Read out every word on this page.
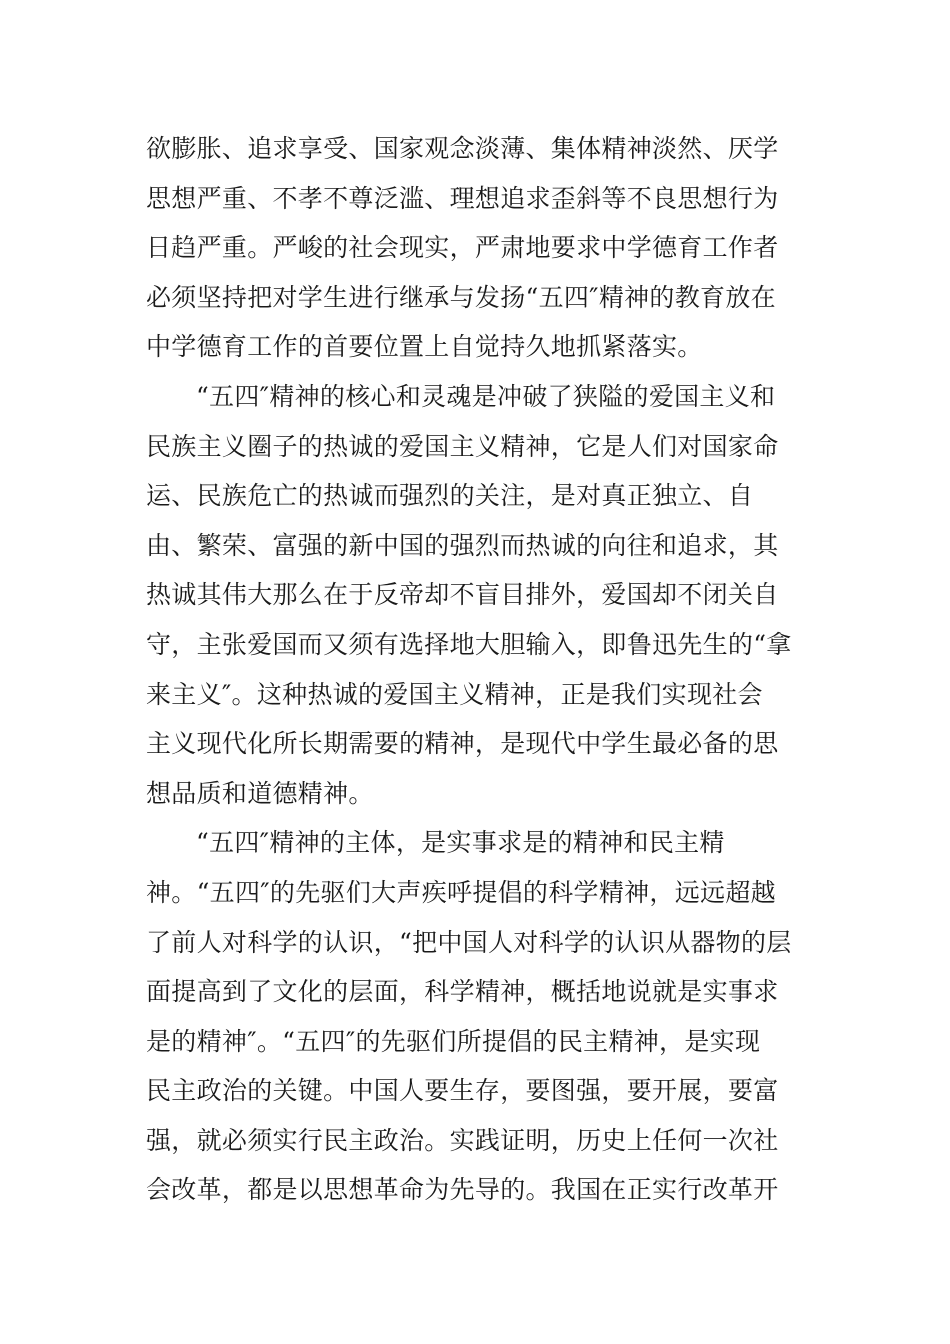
欲膨胀、追求享受、国家观念淡薄、集体精神淡然、厌学
思想严重、不孝不尊泛滥、理想追求歪斜等不良思想行为
日趋严重。严峻的社会现实，严肃地要求中学德育工作者
必须坚持把对学生进行继承与发扬“五四″精神的教育放在
中学德育工作的首要位置上自觉持久地抓紧落实。
“五四″精神的核心和灵魂是冲破了狭隘的爱国主义和
民族主义圈子的热诚的爱国主义精神，它是人们对国家命
运、民族危亡的热诚而强烈的关注，是对真正独立、自
由、繁荣、富强的新中国的强烈而热诚的向往和追求，其
热诚其伟大那么在于反帝却不盲目排外，爱国却不闭关自
守，主张爱国而又须有选择地大胆输入，即鲁迅先生的“拿
来主义″。这种热诚的爱国主义精神，正是我们实现社会
主义现代化所长期需要的精神，是现代中学生最必备的思
想品质和道德精神。
“五四″精神的主体，是实事求是的精神和民主精
神。“五四″的先驱们大声疾呼提倡的科学精神，远远超越
了前人对科学的认识，“把中国人对科学的认识从器物的层
面提高到了文化的层面，科学精神，概括地说就是实事求
是的精神″。“五四″的先驱们所提倡的民主精神，是实现
民主政治的关键。中国人要生存，要图强，要开展，要富
强，就必须实行民主政治。实践证明，历史上任何一次社
会改革，都是以思想革命为先导的。我国在正实行改革开
